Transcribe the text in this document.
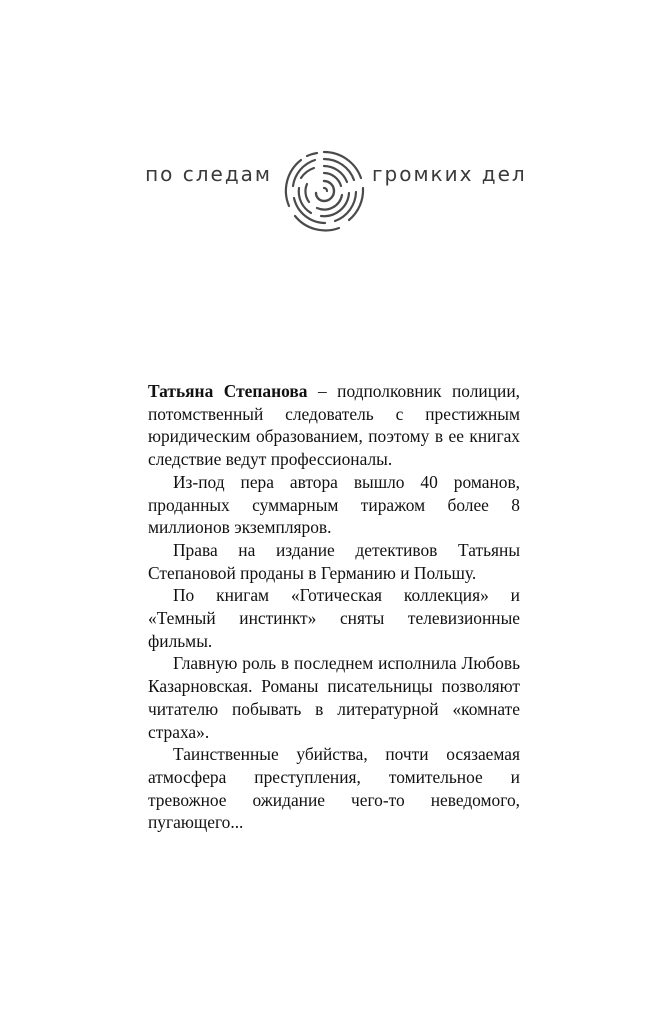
по следам	громких дел

Татьяна Степанова – подполковник полиции, потомственный следователь с престижным юридическим образованием, поэтому в ее книгах следствие ведут профессионалы.

Из-под пера автора вышло 40 романов, проданных суммарным тиражом более 8 миллионов экземпляров.

Права на издание детективов Татьяны Степановой проданы в Германию и Польшу.

По книгам «Готическая коллекция» и «Темный инстинкт» сняты телевизионные фильмы.

Главную роль в последнем исполнила Любовь Казарновская. Романы писательницы позволяют читателю побывать в литературной «комнате страха».

Таинственные убийства, почти осязаемая атмосфера преступления, томительное и тревожное ожидание чего-то неведомого, пугающего...
